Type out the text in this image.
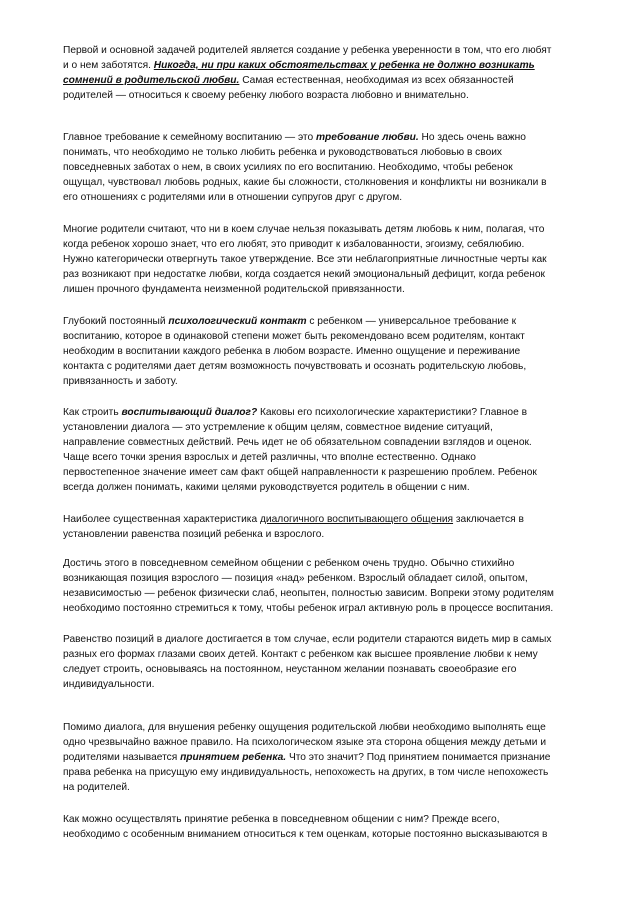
Первой и основной задачей родителей является создание у ребенка уверенности в том, что его любят
и о нем заботятся. Никогда, ни при каких обстоятельствах у ребенка не должно возникать
сомнений в родительской любви. Самая естественная, необходимая из всех обязанностей
родителей — относиться к своему ребенку любого возраста любовно и внимательно.
Главное требование к семейному воспитанию — это требование любви. Но здесь очень важно
понимать, что необходимо не только любить ребенка и руководствоваться любовью в своих
повседневных заботах о нем, в своих усилиях по его воспитанию. Необходимо, чтобы ребенок
ощущал, чувствовал любовь родных, какие бы сложности, столкновения и конфликты ни возникали в
его отношениях с родителями или в отношении супругов друг с другом.
Многие родители считают, что ни в коем случае нельзя показывать детям любовь к ним, полагая, что
когда ребенок хорошо знает, что его любят, это приводит к избалованности, эгоизму, себялюбию.
Нужно категорически отвергнуть такое утверждение. Все эти неблагоприятные личностные черты как
раз возникают при недостатке любви, когда создается некий эмоциональный дефицит, когда ребенок
лишен прочного фундамента неизменной родительской привязанности.
Глубокий постоянный психологический контакт с ребенком — универсальное требование к
воспитанию, которое в одинаковой степени может быть рекомендовано всем родителям, контакт
необходим в воспитании каждого ребенка в любом возрасте. Именно ощущение и переживание
контакта с родителями дает детям возможность почувствовать и осознать родительскую любовь,
привязанность и заботу.
Как строить воспитывающий диалог? Каковы его психологические характеристики? Главное в
установлении диалога — это устремление к общим целям, совместное видение ситуаций,
направление совместных действий. Речь идет не об обязательном совпадении взглядов и оценок.
Чаще всего точки зрения взрослых и детей различны, что вполне естественно. Однако
первостепенное значение имеет сам факт общей направленности к разрешению проблем. Ребенок
всегда должен понимать, какими целями руководствуется родитель в общении с ним.
Наиболее существенная характеристика диалогичного воспитывающего общения заключается в
установлении равенства позиций ребенка и взрослого.
Достичь этого в повседневном семейном общении с ребенком очень трудно. Обычно стихийно
возникающая позиция взрослого — позиция «над» ребенком. Взрослый обладает силой, опытом,
независимостью — ребенок физически слаб, неопытен, полностью зависим. Вопреки этому родителям
необходимо постоянно стремиться к тому, чтобы ребенок играл активную роль в процессе воспитания.
Равенство позиций в диалоге достигается в том случае, если родители стараются видеть мир в самых
разных его формах глазами своих детей. Контакт с ребенком как высшее проявление любви к нему
следует строить, основываясь на постоянном, неустанном желании познавать своеобразие его
индивидуальности.
Помимо диалога, для внушения ребенку ощущения родительской любви необходимо выполнять еще
одно чрезвычайно важное правило. На психологическом языке эта сторона общения между детьми и
родителями называется принятием ребенка. Что это значит? Под принятием понимается признание
права ребенка на присущую ему индивидуальность, непохожесть на других, в том числе непохожесть
на родителей.
Как можно осуществлять принятие ребенка в повседневном общении с ним? Прежде всего,
необходимо с особенным вниманием относиться к тем оценкам, которые постоянно высказываются в
